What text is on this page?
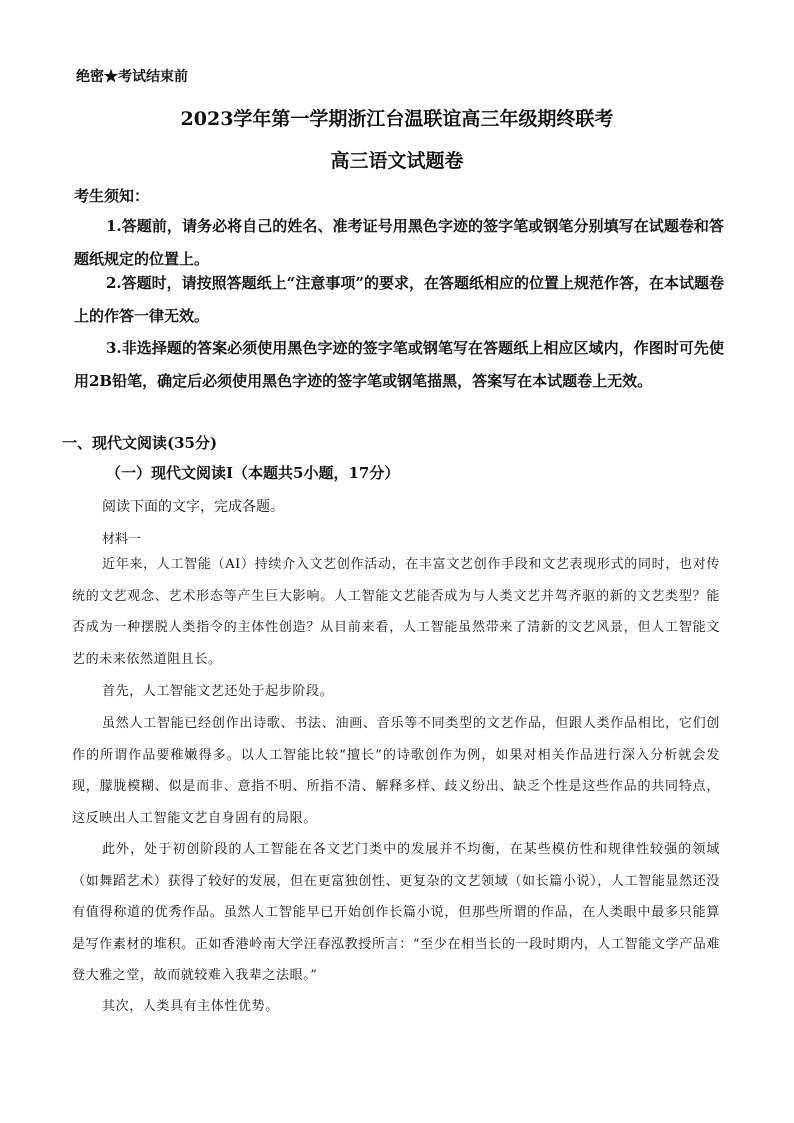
绝密★考试结束前
2023学年第一学期浙江台温联谊高三年级期终联考
高三语文试题卷
考生须知：
1.答题前，请务必将自己的姓名、准考证号用黑色字迹的签字笔或钢笔分别填写在试题卷和答题纸规定的位置上。
2.答题时，请按照答题纸上“注意事项”的要求，在答题纸相应的位置上规范作答，在本试题卷上的作答一律无效。
3.非选择题的答案必须使用黑色字迹的签字笔或钢笔写在答题纸上相应区域内，作图时可先使用2B铅笔，确定后必须使用黑色字迹的签字笔或钢笔描黑，答案写在本试题卷上无效。
一、现代文阅读(35分)
（一）现代文阅读Ⅰ（本题共5小题，17分）
阅读下面的文字，完成各题。
材料一
近年来，人工智能（AI）持续介入文艺创作活动，在丰富文艺创作手段和文艺表现形式的同时，也对传统的文艺观念、艺术形态等产生巨大影响。人工智能文艺能否成为与人类文艺并驾齐驱的新的文艺类型？能否成为一种摆脱人类指令的主体性创造？从目前来看，人工智能虽然带来了清新的文艺风景，但人工智能文艺的未来依然道阻且长。
首先，人工智能文艺还处于起步阶段。
虽然人工智能已经创作出诗歌、书法、油画、音乐等不同类型的文艺作品，但跟人类作品相比，它们创作的所谓作品要稚嫩得多。以人工智能比较“擅长”的诗歌创作为例，如果对相关作品进行深入分析就会发现，朦胧模糊、似是而非、意指不明、所指不清、解释多样、歧义纷出、缺乏个性是这些作品的共同特点，这反映出人工智能文艺自身固有的局限。
此外，处于初创阶段的人工智能在各文艺门类中的发展并不均衡，在某些模仿性和规律性较强的领域（如舞蹈艺术）获得了较好的发展，但在更富独创性、更复杂的文艺领域（如长篇小说），人工智能显然还没有值得称道的优秀作品。虽然人工智能早已开始创作长篇小说，但那些所谓的作品，在人类眼中最多只能算是写作素材的堆积。正如香港岭南大学汪春泓教授所言：“至少在相当长的一段时期内，人工智能文学产品难登大雅之堂，故而就较难入我辈之法眼。”
其次，人类具有主体性优势。
